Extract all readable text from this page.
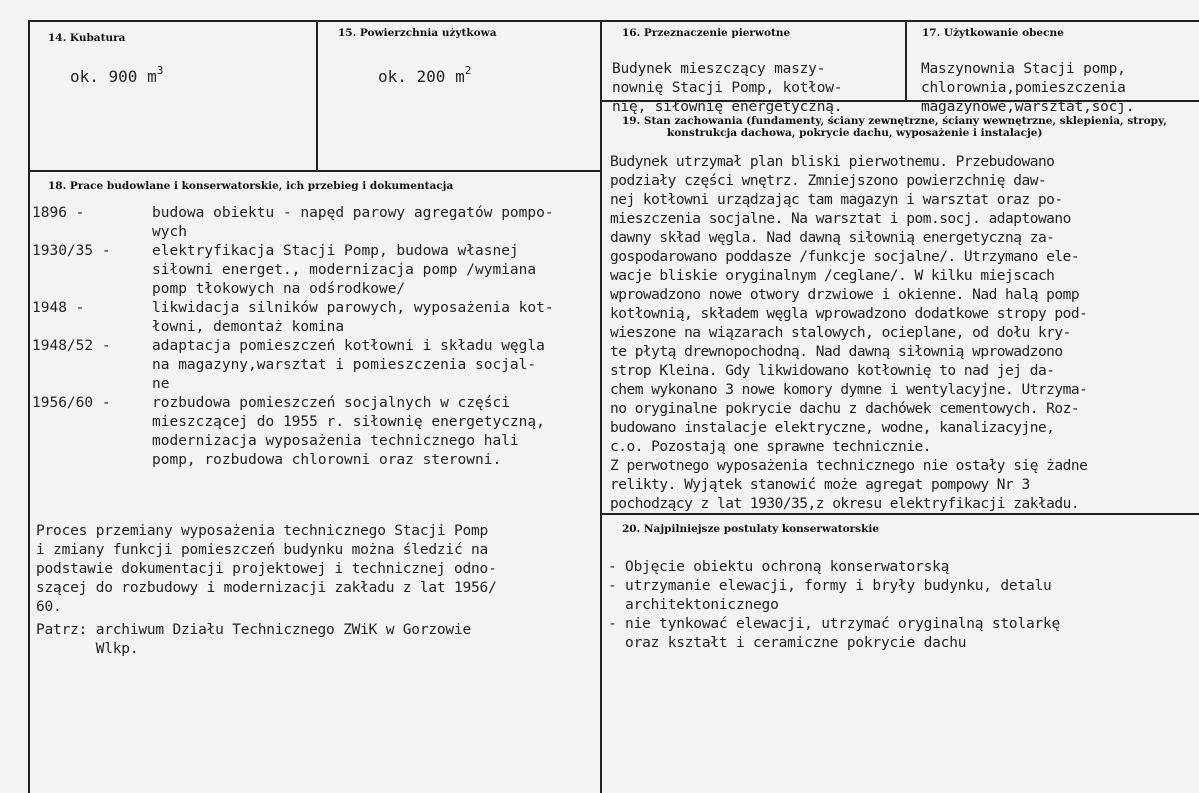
14. Kubatura
ok. 900 $m^3$
15. Powierzchnia użytkowa
ok. 200 $m^2$
16. Przeznaczenie pierwotne

Budynek mieszczący maszy-
nownię Stacji Pomp, kotłow-
nię, siłownię energetyczną.

17. Użytkowanie obecne

Maszynownia Stacji pomp,
chlorownia,pomieszczenia
magazynowe,warsztat,socj.

18. Prace budowlane i konserwatorskie, ich przebieg i dokumentacja
1896 -	budowa obiektu - napęd parowy agregatów pompo-
wych
1930/35 -	elektryfikacja Stacji Pomp, budowa własnej
siłowni energet., modernizacja pomp /wymiana
pomp tłokowych na odśrodkowe/
1948 -	likwidacja silników parowych, wyposażenia kot-
łowni, demontaż komina
1948/52 -	adaptacja pomieszczeń kotłowni i składu węgla
na magazyny,warsztat i pomieszczenia socjal-
ne
1956/60 -	rozbudowa pomieszczeń socjalnych w części
mieszczącej do 1955 r. siłownię energetyczną,
modernizacja wyposażenia technicznego hali
pomp, rozbudowa chlorowni oraz sterowni.

Proces przemiany wyposażenia technicznego Stacji Pomp
i zmiany funkcji pomieszczeń budynku można śledzić na
podstawie dokumentacji projektowej i technicznej odno-
szącej do rozbudowy i modernizacji zakładu z lat 1956/
60.

Patrz: archiwum Działu Technicznego ZWiK w Gorzowie
Wlkp.

19. Stan zachowania (fundamenty, ściany zewnętrzne, ściany wewnętrzne, sklepienia, stropy,
konstrukcja dachowa, pokrycie dachu, wyposażenie i instalacje)

Budynek utrzymał plan bliski pierwotnemu. Przebudowano
podziały części wnętrz. Zmniejszono powierzchnię daw-
nej kotłowni urządzając tam magazyn i warsztat oraz po-
mieszczenia socjalne. Na warsztat i pom.socj. adaptowano
dawny skład węgla. Nad dawną siłownią energetyczną za-
gospodarowano poddasze /funkcje socjalne/. Utrzymano ele-
wacje bliskie oryginalnym /ceglane/. W kilku miejscach
wprowadzono nowe otwory drzwiowe i okienne. Nad halą pomp
kotłownią, składem węgla wprowadzono dodatkowe stropy pod-
wieszone na wiązarach stalowych, ocieplane, od dołu kry-
te płytą drewnopochodną. Nad dawną siłownią wprowadzono
strop Kleina. Gdy likwidowano kotłownię to nad jej da-
chem wykonano 3 nowe komory dymne i wentylacyjne. Utrzyma-
no oryginalne pokrycie dachu z dachówek cementowych. Roz-
budowano instalacje elektryczne, wodne, kanalizacyjne,
c.o. Pozostają one sprawne technicznie.
Z perwotnego wyposażenia technicznego nie ostały się żadne
relikty. Wyjątek stanowić może agregat pompowy Nr 3
pochodzący z lat 1930/35,z okresu elektryfikacji zakładu.

20. Najpilniejsze postulaty konserwatorskie

- Objęcie obiektu ochroną konserwatorską
- utrzymanie elewacji, formy i bryły budynku, detalu
architektonicznego
- nie tynkować elewacji, utrzymać oryginalną stolarkę
oraz kształt i ceramiczne pokrycie dachu
